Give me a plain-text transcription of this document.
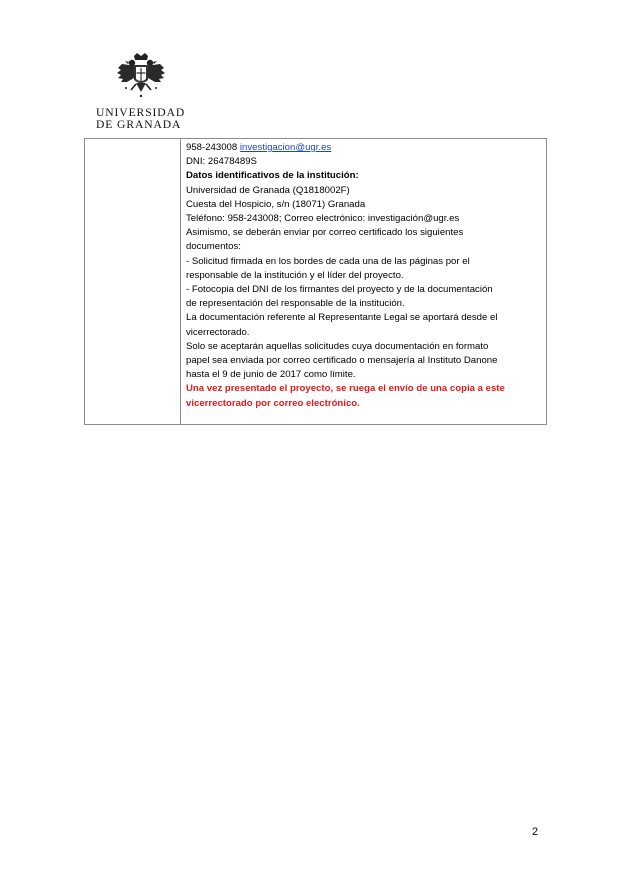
UNIVERSIDAD
DE GRANADA

958-243008 investigacion@ugr.es
DNI: 26478489S
Datos identificativos de la institución:
Universidad de Granada (Q1818002F)
Cuesta del Hospicio, s/n (18071) Granada
Teléfono: 958-243008; Correo electrónico: investigación@ugr.es
Asimismo, se deberán enviar por correo certificado los siguientes
documentos:
- Solicitud firmada en los bordes de cada una de las páginas por el
responsable de la institución y el líder del proyecto.
- Fotocopia del DNI de los firmantes del proyecto y de la documentación
de representación del responsable de la institución.
La documentación referente al Representante Legal se aportará desde el
vicerrectorado.
Solo se aceptarán aquellas solicitudes cuya documentación en formato
papel sea enviada por correo certificado o mensajería al Instituto Danone
hasta el 9 de junio de 2017 como límite.
Una vez presentado el proyecto, se ruega el envío de una copia a este
vicerrectorado por correo electrónico.
2
